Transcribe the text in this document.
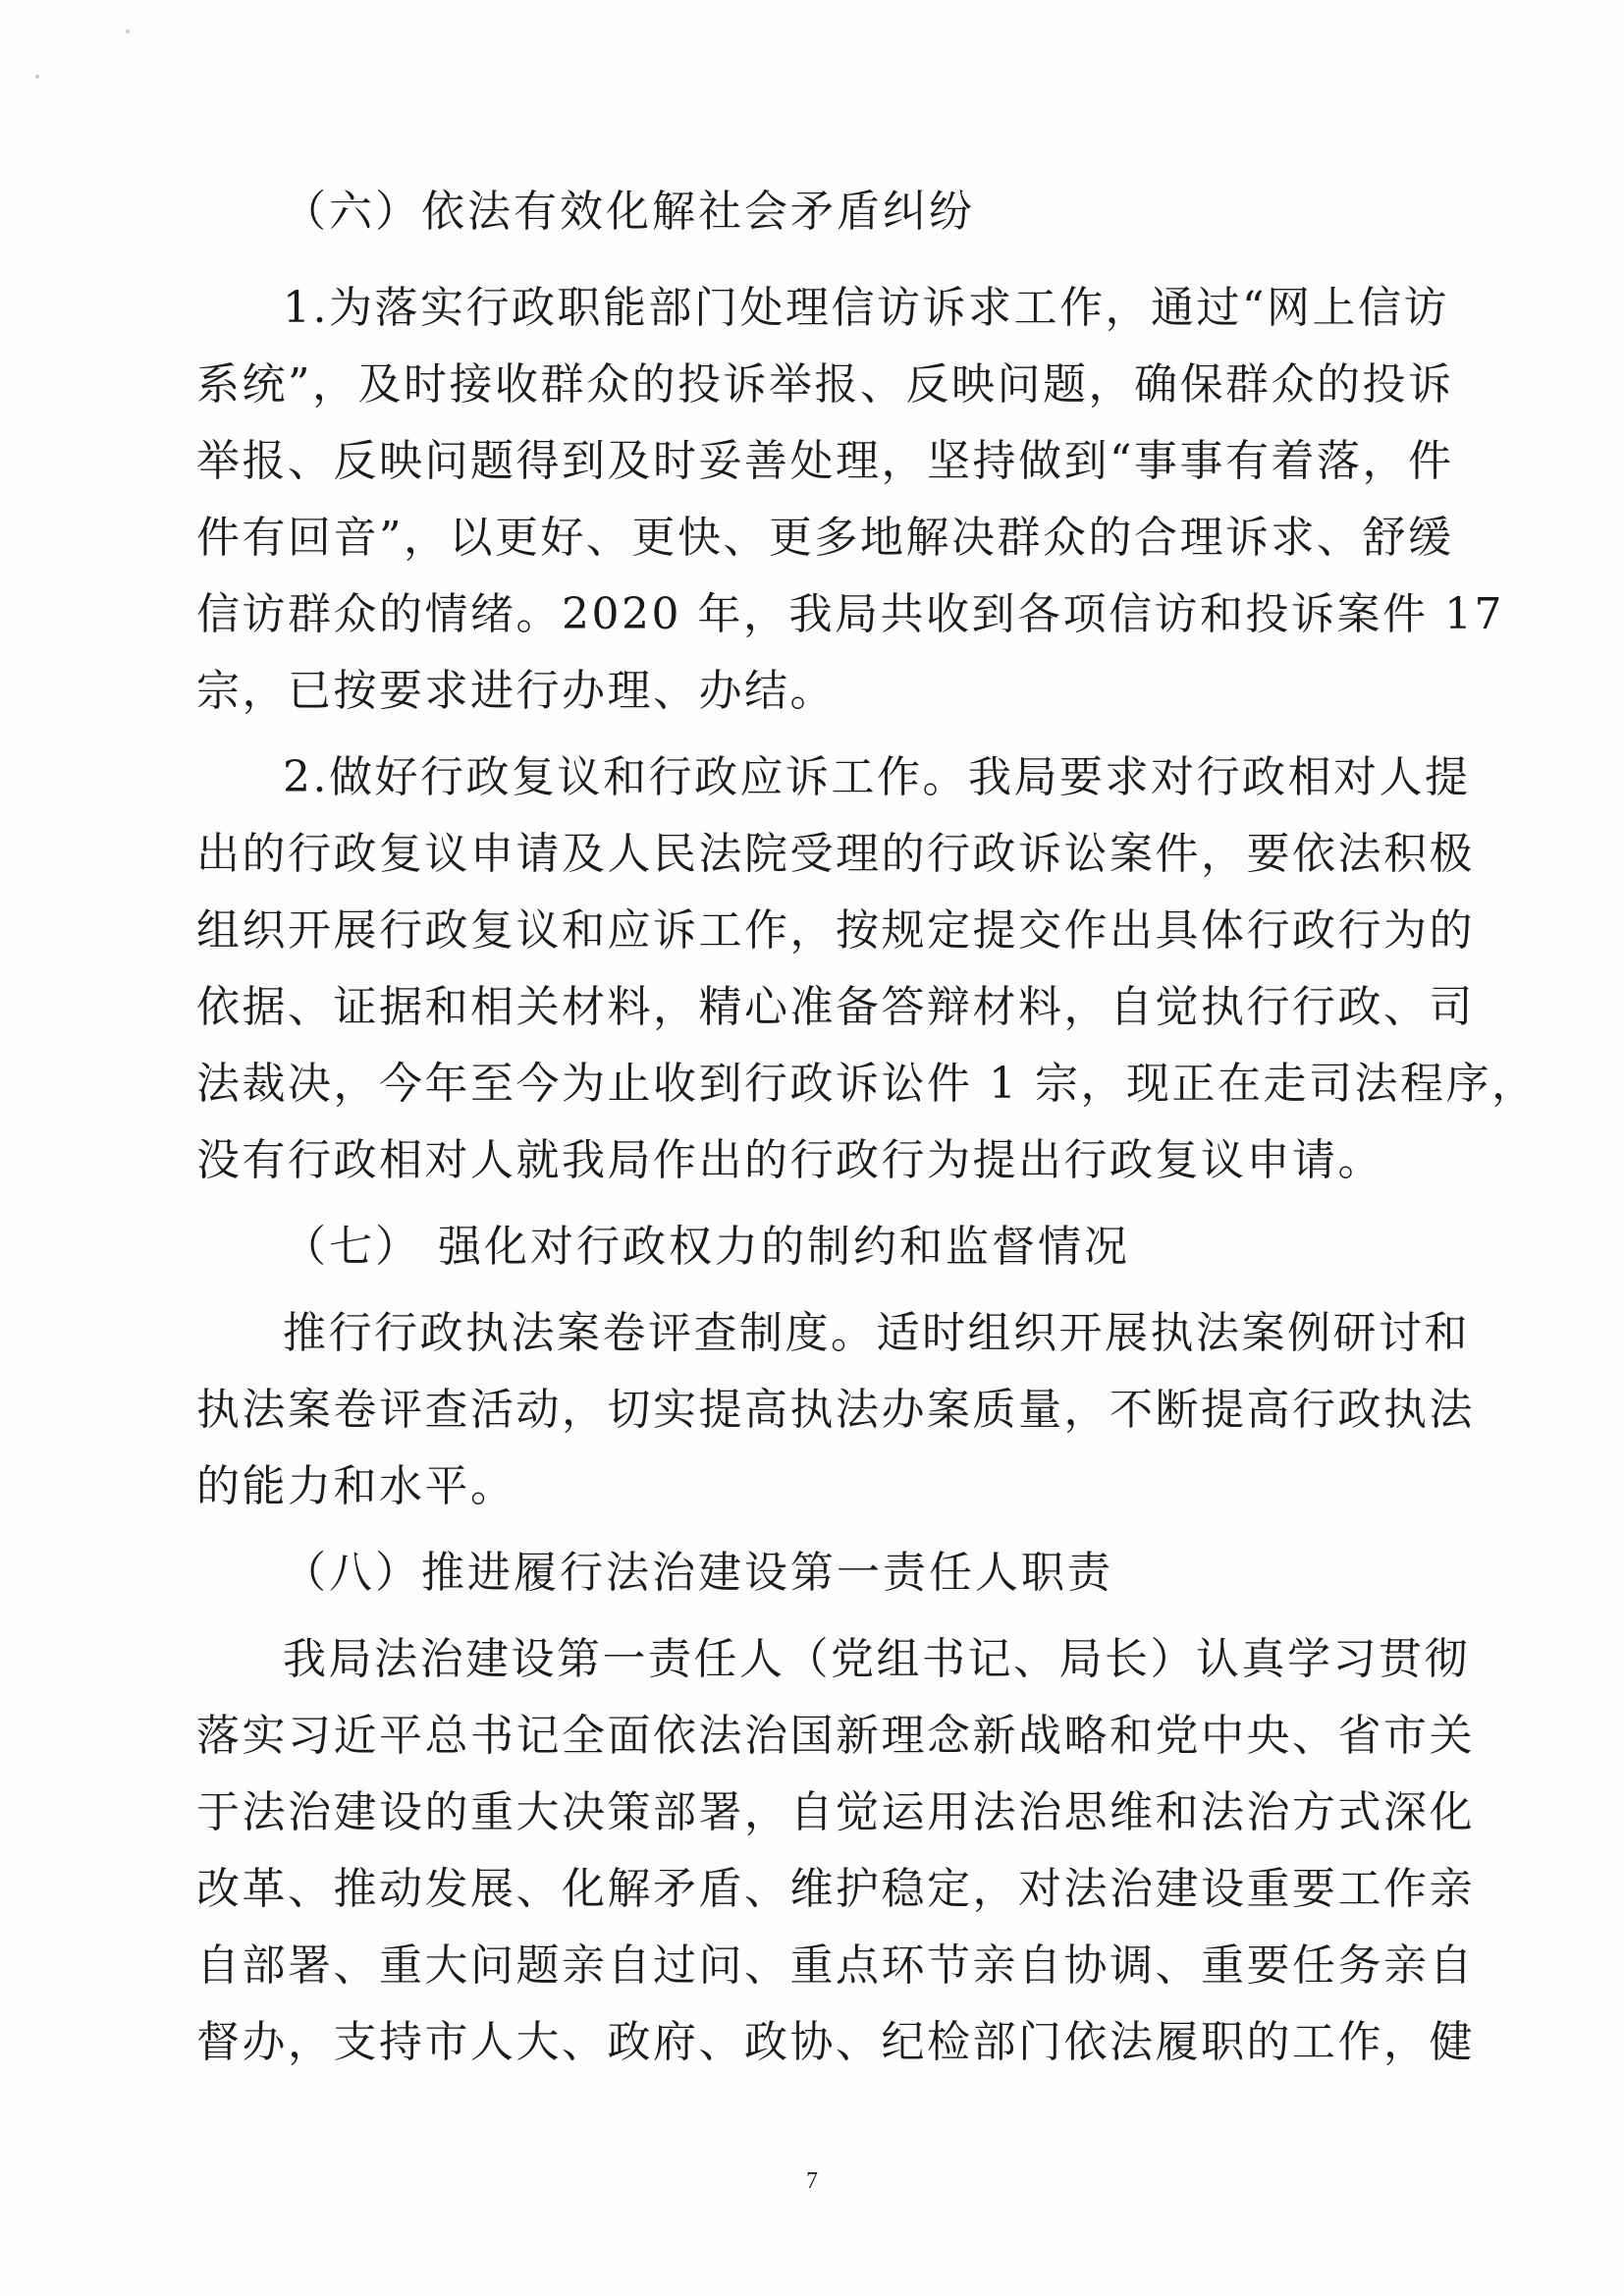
（六）依法有效化解社会矛盾纠纷
1.为落实行政职能部门处理信访诉求工作，通过“网上信访
系统”，及时接收群众的投诉举报、反映问题，确保群众的投诉
举报、反映问题得到及时妥善处理，坚持做到“事事有着落，件
件有回音”，以更好、更快、更多地解决群众的合理诉求、舒缓
信访群众的情绪。2020 年，我局共收到各项信访和投诉案件 17
宗，已按要求进行办理、办结。
2.做好行政复议和行政应诉工作。我局要求对行政相对人提
出的行政复议申请及人民法院受理的行政诉讼案件，要依法积极
组织开展行政复议和应诉工作，按规定提交作出具体行政行为的
依据、证据和相关材料，精心准备答辩材料，自觉执行行政、司
法裁决，今年至今为止收到行政诉讼件 1 宗，现正在走司法程序，
没有行政相对人就我局作出的行政行为提出行政复议申请。
（七） 强化对行政权力的制约和监督情况
推行行政执法案卷评查制度。适时组织开展执法案例研讨和
执法案卷评查活动，切实提高执法办案质量，不断提高行政执法
的能力和水平。
（八）推进履行法治建设第一责任人职责
我局法治建设第一责任人（党组书记、局长）认真学习贯彻
落实习近平总书记全面依法治国新理念新战略和党中央、省市关
于法治建设的重大决策部署，自觉运用法治思维和法治方式深化
改革、推动发展、化解矛盾、维护稳定，对法治建设重要工作亲
自部署、重大问题亲自过问、重点环节亲自协调、重要任务亲自
督办，支持市人大、政府、政协、纪检部门依法履职的工作，健
7
